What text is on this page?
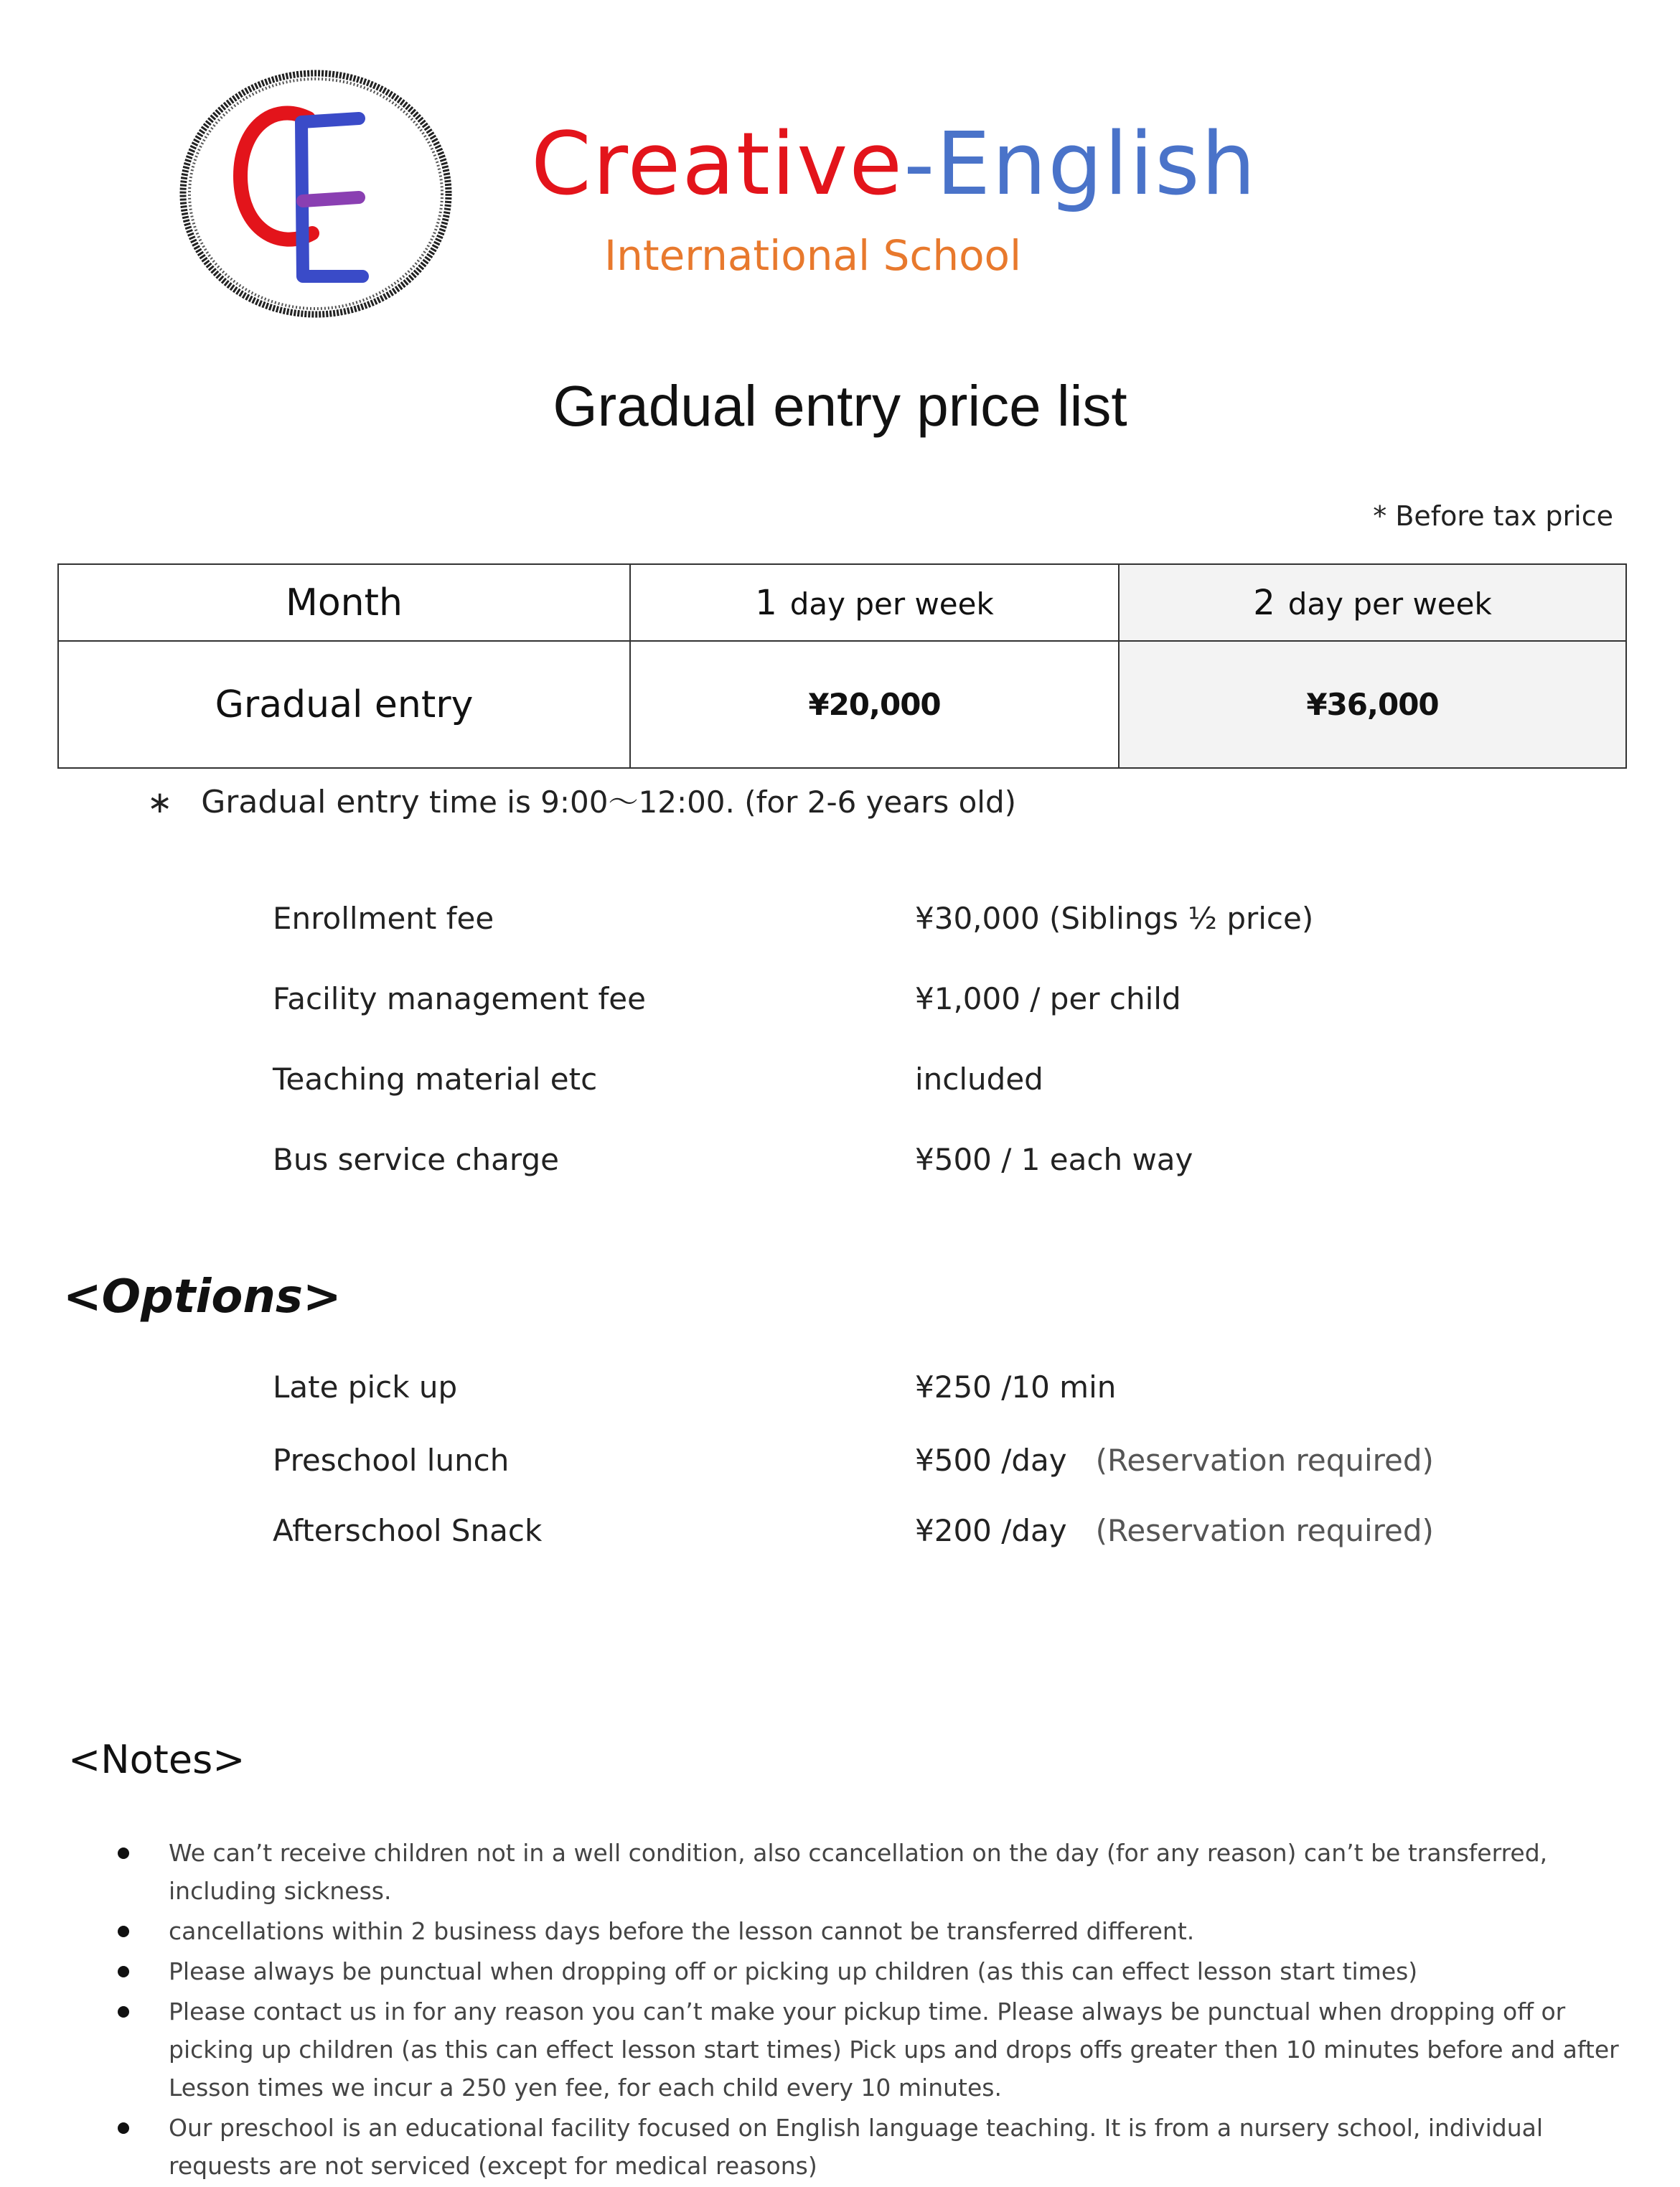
Creative-English
International School
Gradual entry price list
* Before tax price
Month	1 day per week	2 day per week
Gradual entry	¥20,000	¥36,000
∗ Gradual entry time is 9:00〜12:00. (for 2-6 years old)
Enrollment fee	¥30,000 (Siblings ½ price)
Facility management fee	¥1,000 / per child
Teaching material etc	included
Bus service charge	¥500 / 1 each way
<Options>
Late pick up	¥250 /10 min
Preschool lunch	¥500 /day (Reservation required)
Afterschool Snack	¥200 /day (Reservation required)
<Notes>
We can’t receive children not in a well condition, also ccancellation on the day (for any reason) can’t be transferred, including sickness.
cancellations within 2 business days before the lesson cannot be transferred different.
Please always be punctual when dropping off or picking up children (as this can effect lesson start times)
Please contact us in for any reason you can’t make your pickup time. Please always be punctual when dropping off or picking up children (as this can effect lesson start times) Pick ups and drops offs greater then 10 minutes before and after Lesson times we incur a 250 yen fee, for each child every 10 minutes.
Our preschool is an educational facility focused on English language teaching. It is from a nursery school, individual requests are not serviced (except for medical reasons)
